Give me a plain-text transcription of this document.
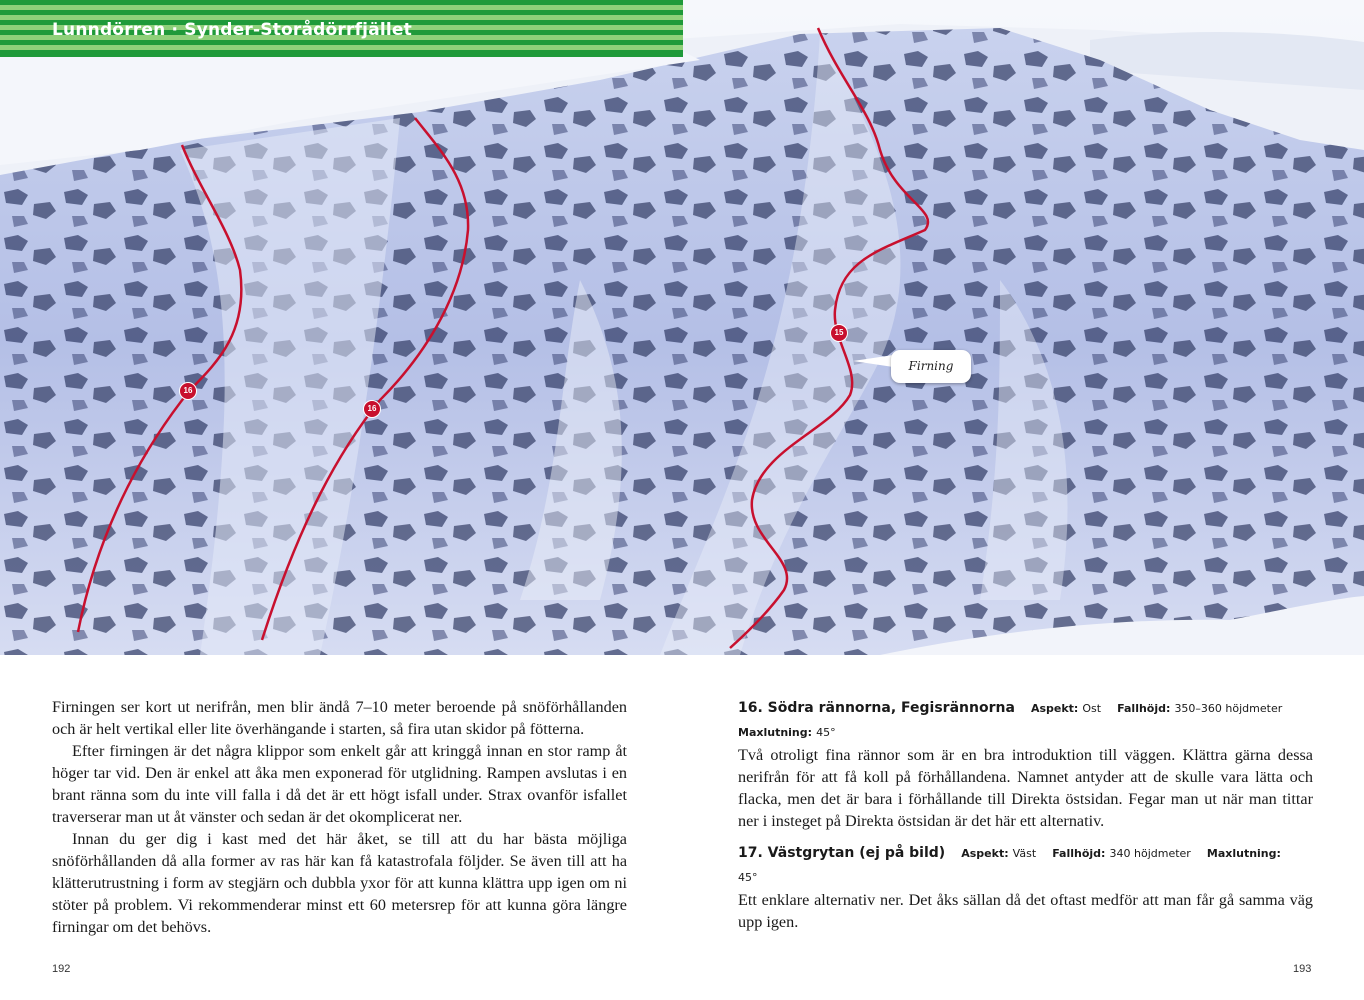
Lunndörren · Synder-Storådörrfjället
16
16
15
Firning

Firningen ser kort ut nerifrån, men blir ändå 7–10 meter beroende på snöförhållanden och är helt vertikal eller lite överhängande i starten, så fira utan skidor på fötterna.

Efter firningen är det några klippor som enkelt går att kringgå innan en stor ramp åt höger tar vid. Den är enkel att åka men exponerad för utglidning. Rampen avslutas i en brant ränna som du inte vill falla i då det är ett högt isfall under. Strax ovanför isfallet traverserar man ut åt vänster och sedan är det okomplicerat ner.

Innan du ger dig i kast med det här åket, se till att du har bästa möjliga snöförhållanden då alla former av ras här kan få katastrofala följder. Se även till att ha klätterutrustning i form av stegjärn och dubbla yxor för att kunna klättra upp igen om ni stöter på problem. Vi rekommenderar minst ett 60 metersrep för att kunna göra längre firningar om det behövs.

16. Södra rännorna, Fegisrännorna Aspekt: Ost Fallhöjd: 350–360 höjdmeter Maxlutning: 45°

Två otroligt fina rännor som är en bra introduktion till väggen. Klättra gärna dessa nerifrån för att få koll på förhållandena. Namnet antyder att de skulle vara lätta och flacka, men det är bara i förhållande till Direkta östsidan. Fegar man ut när man tittar ner i insteget på Direkta östsidan är det här ett alternativ.

17. Västgrytan (ej på bild) Aspekt: Väst Fallhöjd: 340 höjdmeter Maxlutning: 45°

Ett enklare alternativ ner. Det åks sällan då det oftast medför att man får gå samma väg upp igen.

192	193
